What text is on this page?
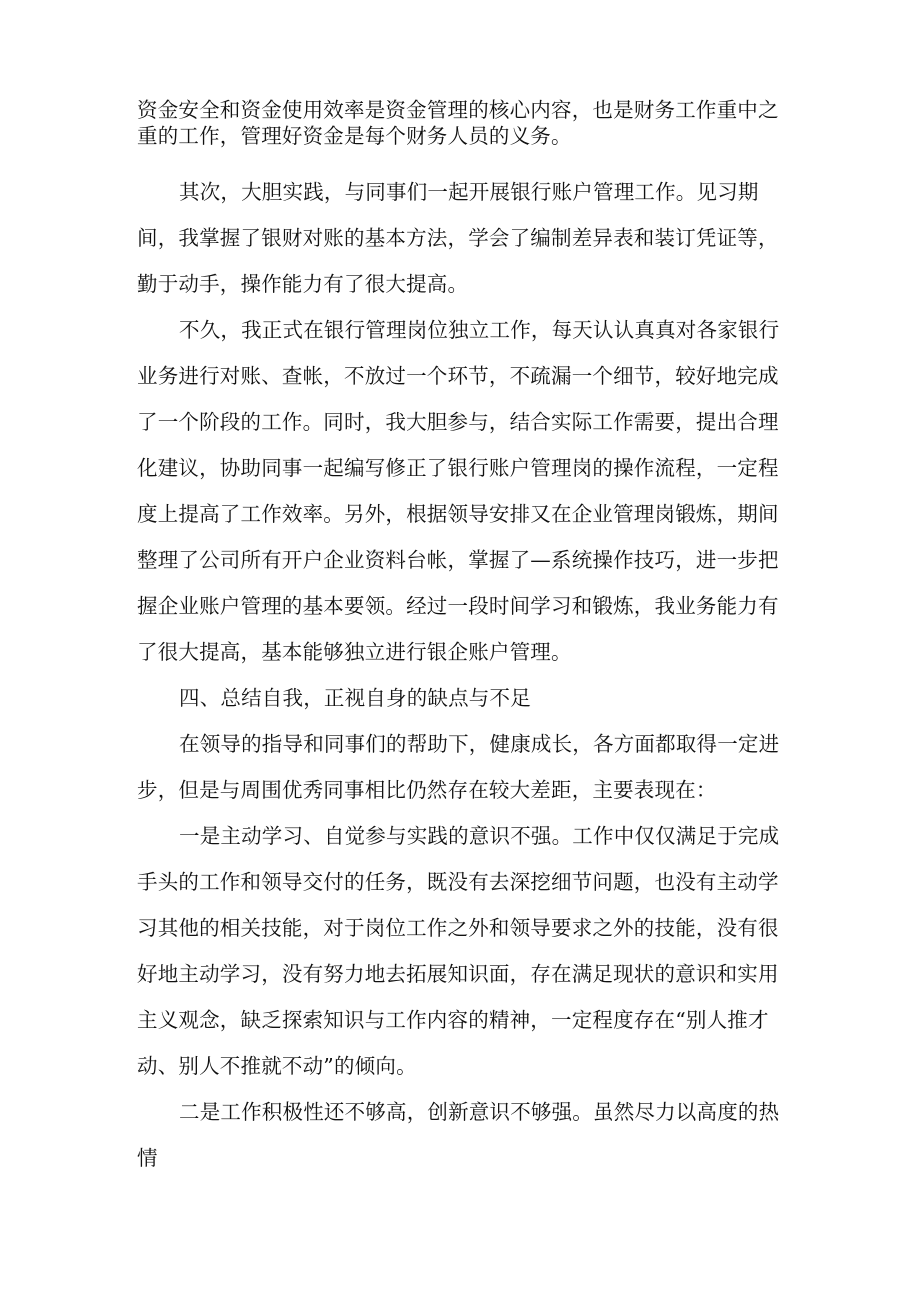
资金安全和资金使用效率是资金管理的核心内容，也是财务工作重中之重的工作，管理好资金是每个财务人员的义务。

其次，大胆实践，与同事们一起开展银行账户管理工作。见习期间，我掌握了银财对账的基本方法，学会了编制差异表和装订凭证等，勤于动手，操作能力有了很大提高。

不久，我正式在银行管理岗位独立工作，每天认认真真对各家银行业务进行对账、查帐，不放过一个环节，不疏漏一个细节，较好地完成了一个阶段的工作。同时，我大胆参与，结合实际工作需要，提出合理化建议，协助同事一起编写修正了银行账户管理岗的操作流程，一定程度上提高了工作效率。另外，根据领导安排又在企业管理岗锻炼，期间整理了公司所有开户企业资料台帐，掌握了—系统操作技巧，进一步把握企业账户管理的基本要领。经过一段时间学习和锻炼，我业务能力有了很大提高，基本能够独立进行银企账户管理。

四、总结自我，正视自身的缺点与不足

在领导的指导和同事们的帮助下，健康成长，各方面都取得一定进步，但是与周围优秀同事相比仍然存在较大差距，主要表现在：

一是主动学习、自觉参与实践的意识不强。工作中仅仅满足于完成手头的工作和领导交付的任务，既没有去深挖细节问题，也没有主动学习其他的相关技能，对于岗位工作之外和领导要求之外的技能，没有很好地主动学习，没有努力地去拓展知识面，存在满足现状的意识和实用主义观念，缺乏探索知识与工作内容的精神，一定程度存在“别人推才动、别人不推就不动”的倾向。

二是工作积极性还不够高，创新意识不够强。虽然尽力以高度的热情
